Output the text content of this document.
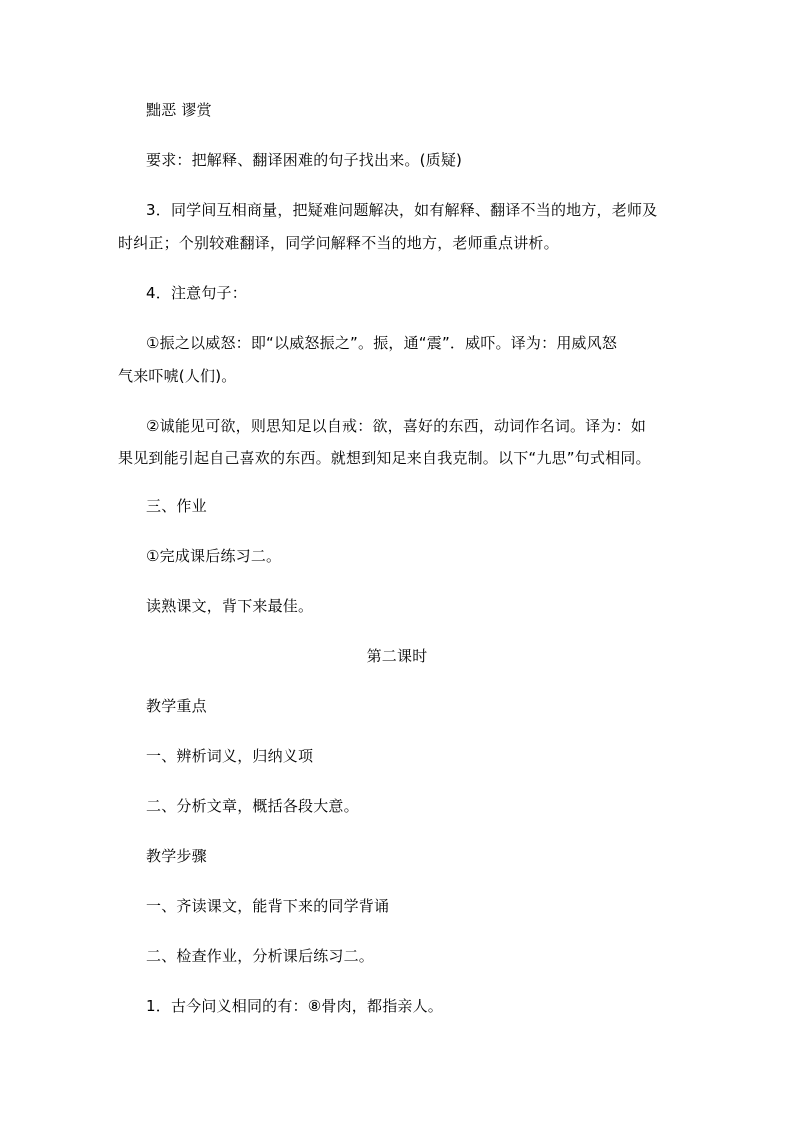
黜恶 谬赏
要求：把解释、翻译困难的句子找出来。(质疑)
3．同学间互相商量，把疑难问题解决，如有解释、翻译不当的地方，老师及
时纠正；个别较难翻译，同学问解释不当的地方，老师重点讲析。
4．注意句子：
①振之以威怒：即“以威怒振之”。振，通“震”．威吓。译为：用威风怒
气来吓唬(人们)。
②诚能见可欲，则思知足以自戒：欲，喜好的东西，动词作名词。译为：如
果见到能引起自己喜欢的东西。就想到知足来自我克制。以下“九思”句式相同。
三、作业
①完成课后练习二。
读熟课文，背下来最佳。
第二课时
教学重点
一、辨析词义，归纳义项
二、分析文章，概括各段大意。
教学步骤
一、齐读课文，能背下来的同学背诵
二、检查作业，分析课后练习二。
1．古今问义相同的有：⑧骨肉，都指亲人。
